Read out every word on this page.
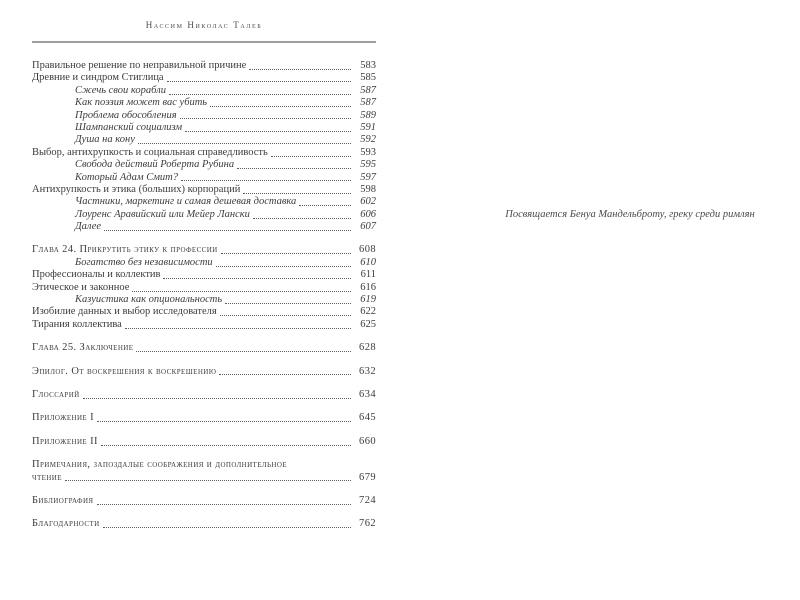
Нассим Николас Талеб
Правильное решение по неправильной причине	583
Древние и синдром Стиглица	585
Сжечь свои корабли	587
Как поэзия может вас убить	587
Проблема обособления	589
Шампанский социализм	591
Душа на кону	592
Выбор, антихрупкость и социальная справедливость	593
Свобода действий Роберта Рубина	595
Который Адам Смит?	597
Антихрупкость и этика (больших) корпораций	598
Частники, маркетинг и самая дешевая доставка	602
Лоуренс Аравийский или Мейер Лански	606
Далее	607
Глава 24. Прикрутить этику к профессии	608
Богатство без независимости	610
Профессионалы и коллектив	611
Этическое и законное	616
Казуистика как опциональность	619
Изобилие данных и выбор исследователя	622
Тирания коллектива	625
Глава 25. Заключение	628
Эпилог. От воскрешения к воскрешению	632
Глоссарий	634
Приложение I	645
Приложение II	660
Примечания, запоздалые соображения и дополнительное
чтение	679
Библиография	724
Благодарности	762
Посвящается Бенуа Мандельброту, греку среди римлян
